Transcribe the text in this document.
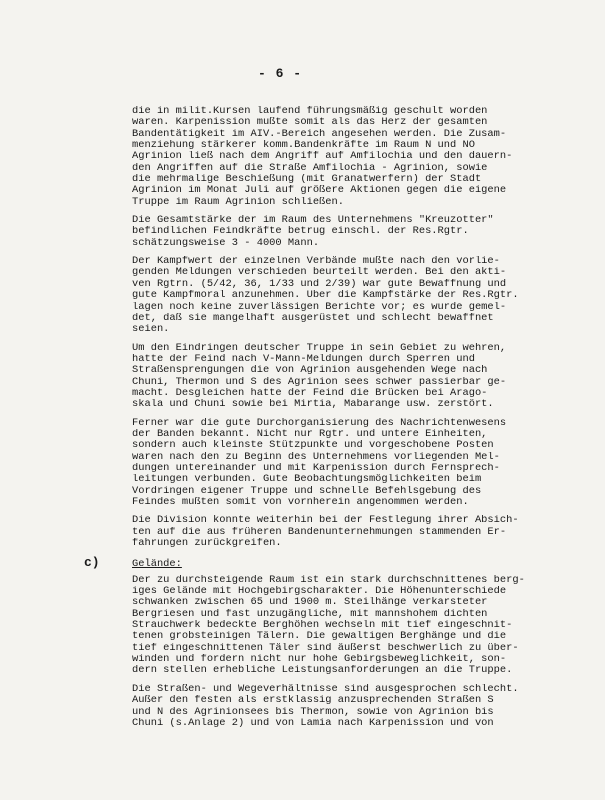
- 6 -
die in milit.Kursen laufend führungsmäßig geschult worden
waren. Karpenission mußte somit als das Herz der gesamten
Bandentätigkeit im AIV.-Bereich angesehen werden. Die Zusam-
menziehung stärkerer komm.Bandenkräfte im Raum N und NO
Agrinion ließ nach dem Angriff auf Amfilochia und den dauern-
den Angriffen auf die Straße Amfilochia - Agrinion, sowie
die mehrmalige Beschießung (mit Granatwerfern) der Stadt
Agrinion im Monat Juli auf größere Aktionen gegen die eigene
Truppe im Raum Agrinion schließen.
Die Gesamtstärke der im Raum des Unternehmens "Kreuzotter"
befindlichen Feindkräfte betrug einschl. der Res.Rgtr.
schätzungsweise 3 - 4000 Mann.
Der Kampfwert der einzelnen Verbände mußte nach den vorlie-
genden Meldungen verschieden beurteilt werden. Bei den akti-
ven Rgtrn. (5/42, 36, 1/33 und 2/39) war gute Bewaffnung und
gute Kampfmoral anzunehmen. Über die Kampfstärke der Res.Rgtr.
lagen noch keine zuverlässigen Berichte vor; es wurde gemel-
det, daß sie mangelhaft ausgerüstet und schlecht bewaffnet
seien.
Um den Eindringen deutscher Truppe in sein Gebiet zu wehren,
hatte der Feind nach V-Mann-Meldungen durch Sperren und
Straßensprengungen die von Agrinion ausgehenden Wege nach
Chuni, Thermon und S des Agrinion sees schwer passierbar ge-
macht. Desgleichen hatte der Feind die Brücken bei Arago-
skala und Chuni sowie bei Mirtia, Mabarange usw. zerstört.
Ferner war die gute Durchorganisierung des Nachrichtenwesens
der Banden bekannt. Nicht nur Rgtr. und untere Einheiten,
sondern auch kleinste Stützpunkte und vorgeschobene Posten
waren nach den zu Beginn des Unternehmens vorliegenden Mel-
dungen untereinander und mit Karpenission durch Fernsprech-
leitungen verbunden. Gute Beobachtungsmöglichkeiten beim
Vordringen eigener Truppe und schnelle Befehlsgebung des
Feindes mußten somit von vornherein angenommen werden.
Die Division konnte weiterhin bei der Festlegung ihrer Absich-
ten auf die aus früheren Bandenunternehmungen stammenden Er-
fahrungen zurückgreifen.
c)	Gelände:
Der zu durchsteigende Raum ist ein stark durchschnittenes berg-
iges Gelände mit Hochgebirgscharakter. Die Höhenunterschiede
schwanken zwischen 65 und 1900 m. Steilhänge verkarsteter
Bergriesen und fast unzugängliche, mit mannshohem dichten
Strauchwerk bedeckte Berghöhen wechseln mit tief eingeschnit-
tenen grobsteinigen Tälern. Die gewaltigen Berghänge und die
tief eingeschnittenen Täler sind äußerst beschwerlich zu über-
winden und fordern nicht nur hohe Gebirgsbeweglichkeit, son-
dern stellen erhebliche Leistungsanforderungen an die Truppe.
Die Straßen- und Wegeverhältnisse sind ausgesprochen schlecht.
Außer den festen als erstklassig anzusprechenden Straßen S
und N des Agrinionsees bis Thermon, sowie von Agrinion bis
Chuni (s.Anlage 2) und von Lamia nach Karpenission und von
